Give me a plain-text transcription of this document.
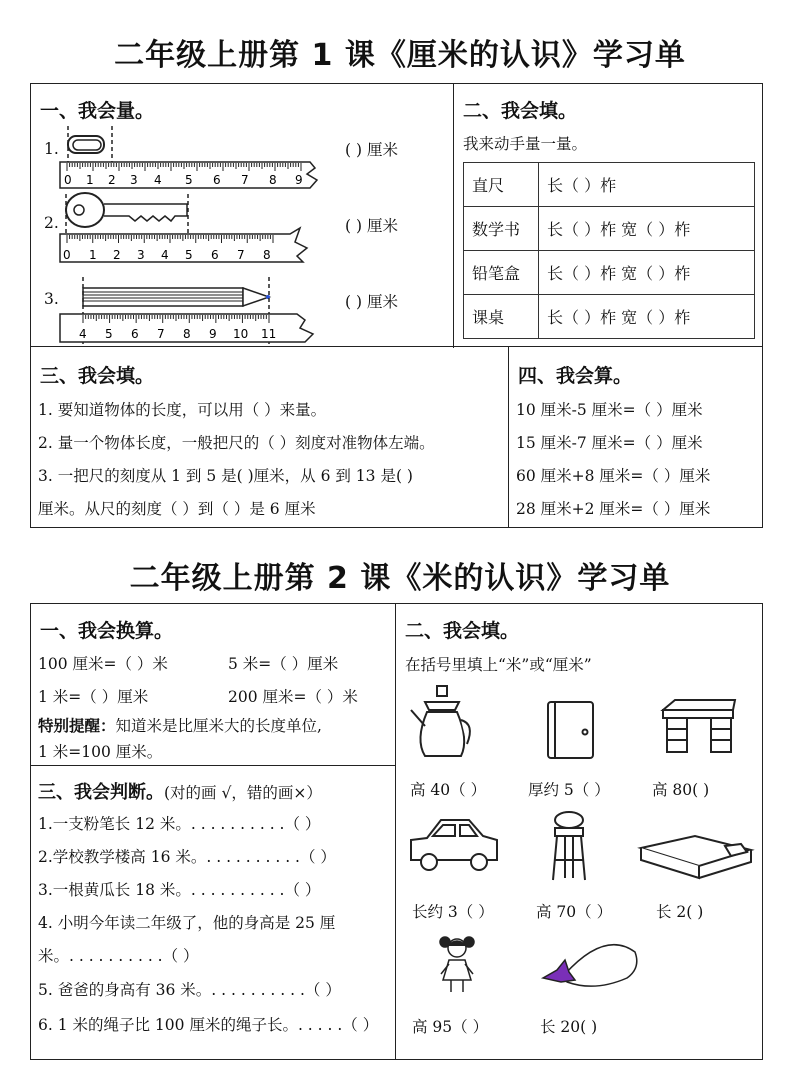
二年级上册第 1 课《厘米的认识》学习单
一、我会量。
1.	( ) 厘米
2.	( ) 厘米
3.	( ) 厘米
0 1 2 3 4 5 6 7 8 9
0 1 2 3 4 5 6 7 8
4 5 6 7 8 9 10 11
二、我会填。
我来动手量一量。
直尺	长（ ）柞
数学书	长（ ）柞 宽（ ）柞
铅笔盒	长（ ）柞 宽（ ）柞
课桌	长（ ）柞 宽（ ）柞
三、我会填。
1. 要知道物体的长度，可以用（ ）来量。
2. 量一个物体长度，一般把尺的（ ）刻度对准物体左端。
3. 一把尺的刻度从 1 到 5 是( )厘米，从 6 到 13 是( )
厘米。从尺的刻度（ ）到（ ）是 6 厘米
四、我会算。
10 厘米-5 厘米=（ ）厘米
15 厘米-7 厘米=（ ）厘米
60 厘米+8 厘米=（ ）厘米
28 厘米+2 厘米=（ ）厘米
二年级上册第 2 课《米的认识》学习单
一、我会换算。
100 厘米=（ ）米	5 米=（ ）厘米
1 米=（ ）厘米	200 厘米=（ ）米
特别提醒：知道米是比厘米大的长度单位,
1 米=100 厘米。
三、我会判断。(对的画 √，错的画×）
1.一支粉笔长 12 米。. . . . . . . . . .（ ）
2.学校教学楼高 16 米。. . . . . . . . . .（ ）
3.一根黄瓜长 18 米。. . . . . . . . . .（ ）
4. 小明今年读二年级了，他的身高是 25 厘
米。. . . . . . . . . .（ ）
5. 爸爸的身高有 36 米。. . . . . . . . . .（ ）
6. 1 米的绳子比 100 厘米的绳子长。. . . . .（ ）
二、我会填。
在括号里填上“米”或“厘米”
高 40（ ）	厚约 5（ ）	高 80( )
长约 3（ ）	高 70（ ）	长 2( )
高 95（ ）	长 20( )
